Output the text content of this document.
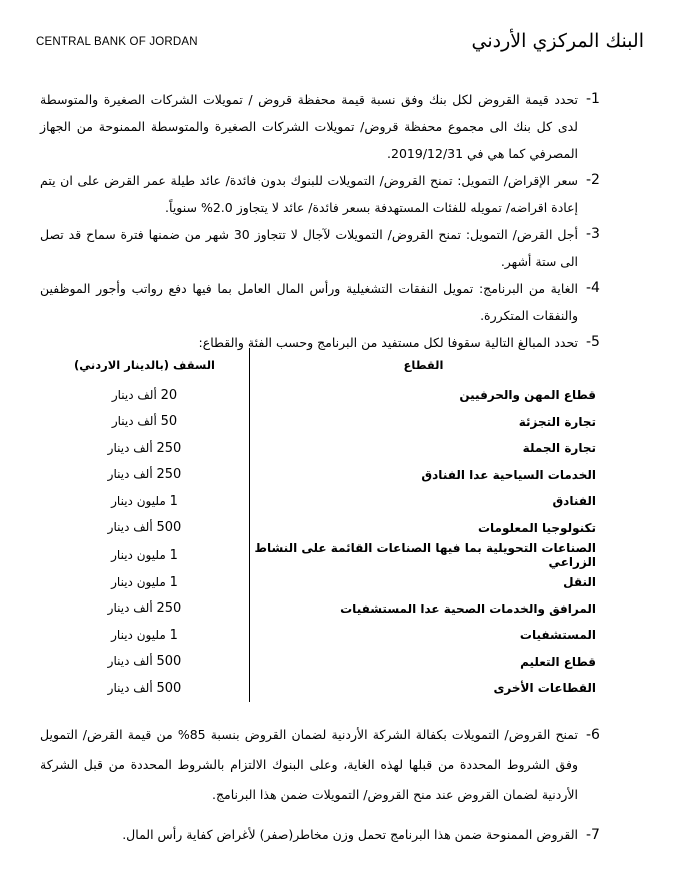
CENTRAL BANK OF JORDAN	البنك المركزي الأردني
-1

تحدد قيمة القروض لكل بنك وفق نسبة قيمة محفظة قروض / تمويلات الشركات الصغيرة والمتوسطة لدى كل بنك الى مجموع محفظة قروض/ تمويلات الشركات الصغيرة والمتوسطة الممنوحة من الجهاز المصرفي كما هي في 2019/12/31.

-2

سعر الإقراض/ التمويل: تمنح القروض/ التمويلات للبنوك بدون فائدة/ عائد طيلة عمر القرض على ان يتم إعادة اقراضه/ تمويله للفئات المستهدفة بسعر فائدة/ عائد لا يتجاوز 2.0% سنوياً.

-3

أجل القرض/ التمويل: تمنح القروض/ التمويلات لآجال لا تتجاوز 30 شهر من ضمنها فترة سماح قد تصل الى ستة أشهر.

-4

الغاية من البرنامج: تمويل النفقات التشغيلية ورأس المال العامل بما فيها دفع رواتب وأجور الموظفين والنفقات المتكررة.

-5

تحدد المبالغ التالية سقوفا لكل مستفيد من البرنامج وحسب الفئة والقطاع:

القطاع	السقف (بالدينار الاردني)
قطاع المهن والحرفيين	20 ألف دينار
تجارة التجزئة	50 ألف دينار
تجارة الجملة	250 ألف دينار
الخدمات السياحية عدا الفنادق	250 ألف دينار
الفنادق	1 مليون دينار
تكنولوجيا المعلومات	500 ألف دينار
الصناعات التحويلية بما فيها الصناعات القائمة على النشاط الزراعي	1 مليون دينار
النقل	1 مليون دينار
المرافق والخدمات الصحية عدا المستشفيات	250 ألف دينار
المستشفيات	1 مليون دينار
قطاع التعليم	500 ألف دينار
القطاعات الأخرى	500 ألف دينار
-6

تمنح القروض/ التمويلات بكفالة الشركة الأردنية لضمان القروض بنسبة 85% من قيمة القرض/ التمويل وفق الشروط المحددة من قبلها لهذه الغاية، وعلى البنوك الالتزام بالشروط المحددة من قبل الشركة الأردنية لضمان القروض عند منح القروض/ التمويلات ضمن هذا البرنامج.

-7

القروض الممنوحة ضمن هذا البرنامج تحمل وزن مخاطر(صفر) لأغراض كفاية رأس المال.
